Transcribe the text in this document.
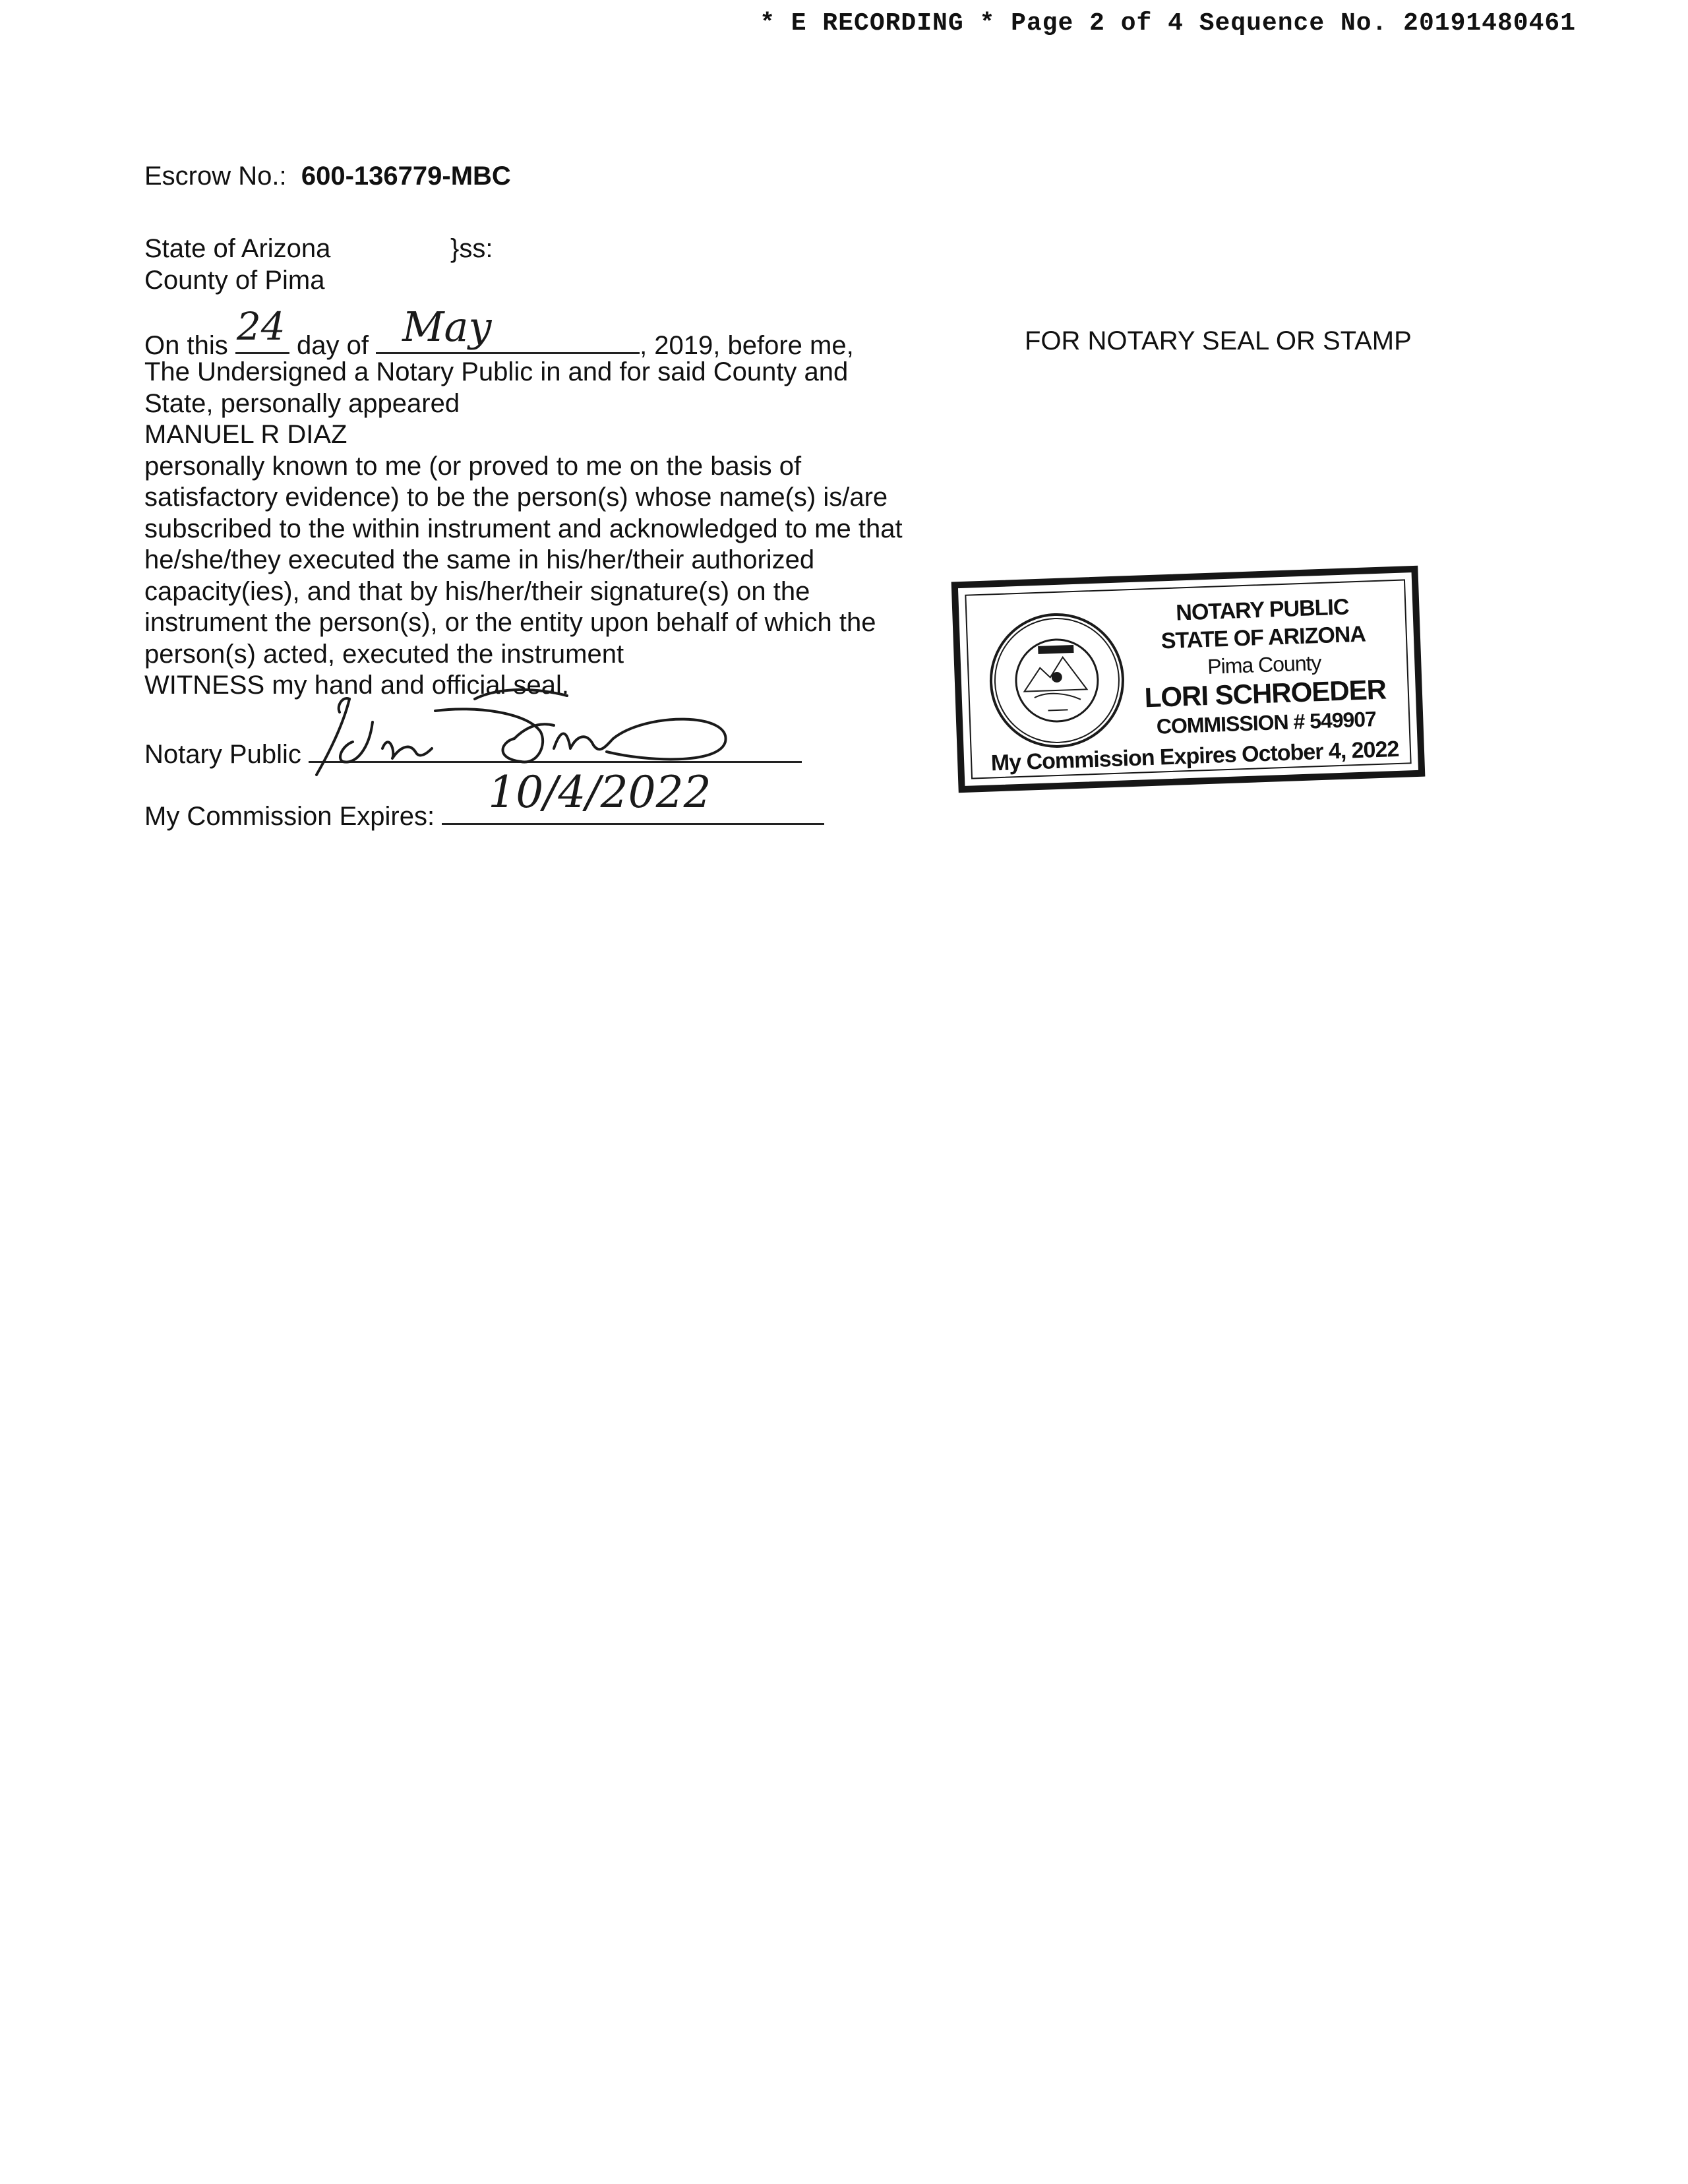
* E RECORDING * Page 2 of 4 Sequence No. 20191480461
Escrow No.: 600-136779-MBC
State of Arizona	}ss:
County of Pima
On this 24 day of May	, 2019, before me,
The Undersigned a Notary Public in and for said County and
State, personally appeared
MANUEL R DIAZ
personally known to me (or proved to me on the basis of
satisfactory evidence) to be the person(s) whose name(s) is/are
subscribed to the within instrument and acknowledged to me that
he/she/they executed the same in his/her/their authorized
capacity(ies), and that by his/her/their signature(s) on the
instrument the person(s), or the entity upon behalf of which the
person(s) acted, executed the instrument
WITNESS my hand and official seal.
Notary Public
My Commission Expires: 10/4/2022
FOR NOTARY SEAL OR STAMP
NOTARY PUBLIC
STATE OF ARIZONA
Pima County
LORI SCHROEDER
COMMISSION # 549907
My Commission Expires October 4, 2022
